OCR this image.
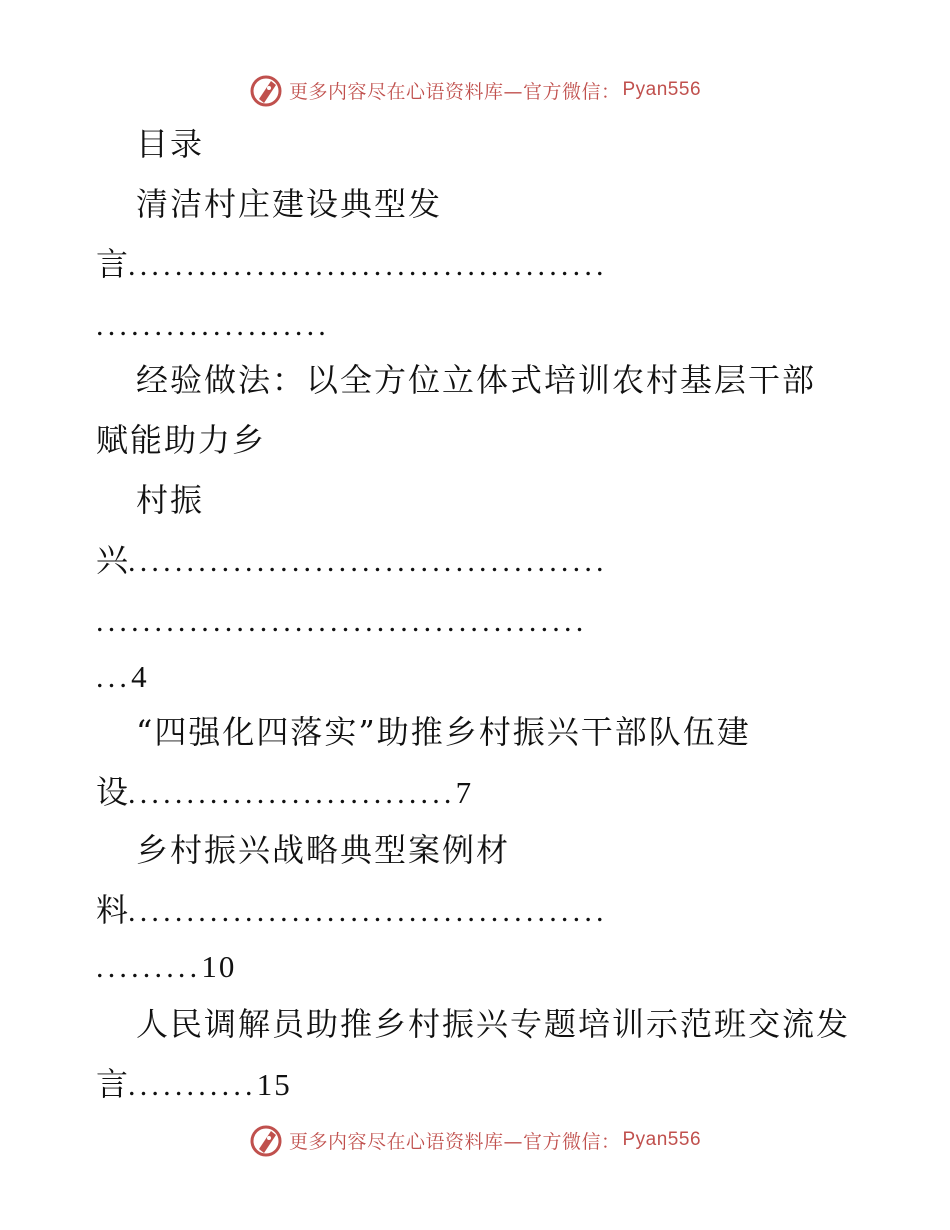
更多内容尽在心语资料库—官方微信： Pyan556
目录
清洁村庄建设典型发
言.........................................
....................
经验做法：以全方位立体式培训农村基层干部
赋能助力乡
村振
兴.........................................
..........................................
...4
“四强化四落实”助推乡村振兴干部队伍建
设............................7
乡村振兴战略典型案例材
料.........................................
.........10
人民调解员助推乡村振兴专题培训示范班交流发
言...........15
更多内容尽在心语资料库—官方微信： Pyan556
